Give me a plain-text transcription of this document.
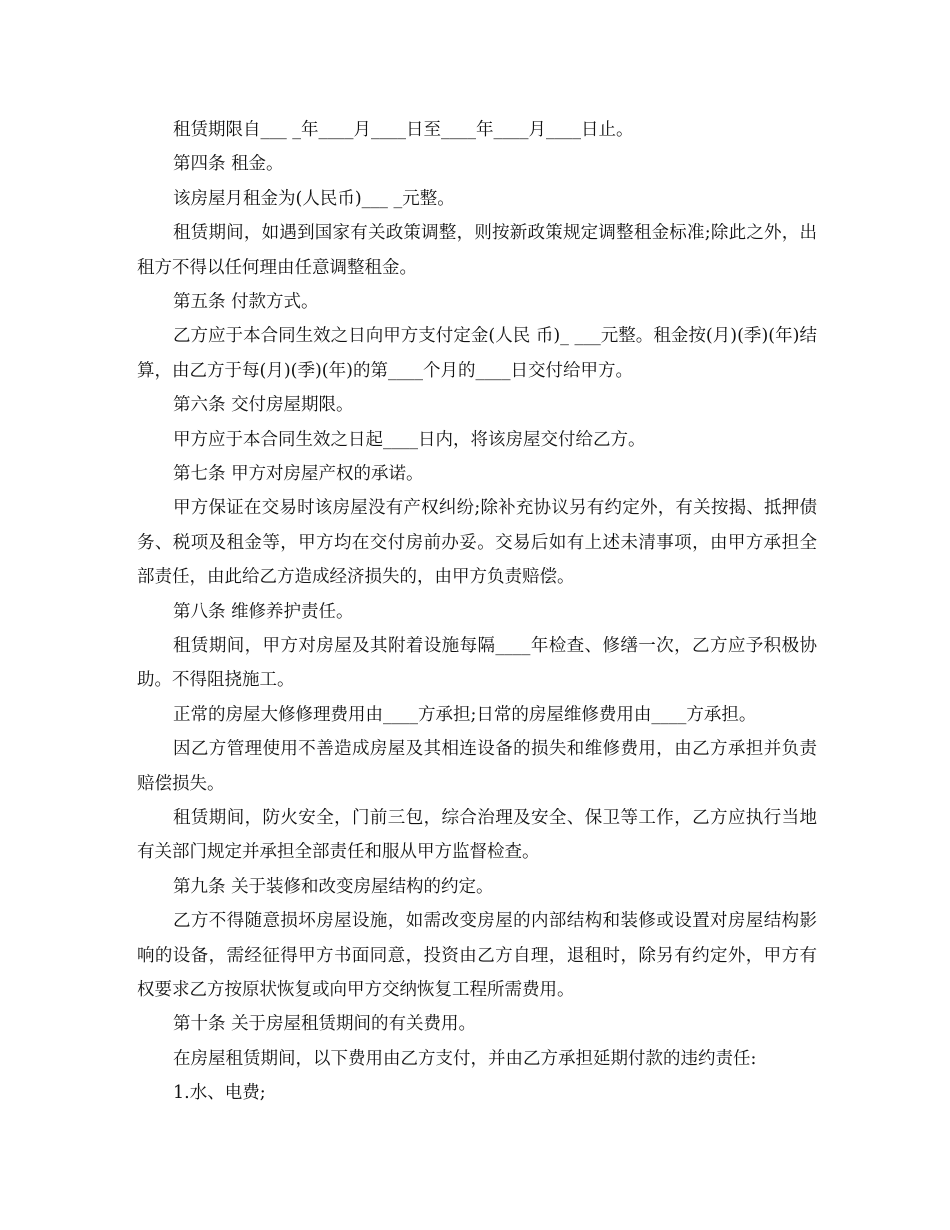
租赁期限自___ _年____月____日至____年____月____日止。
第四条 租金。
该房屋月租金为(人民币)___ _元整。
租赁期间，如遇到国家有关政策调整，则按新政策规定调整租金标准;除此之外，出租方不得以任何理由任意调整租金。
第五条 付款方式。
乙方应于本合同生效之日向甲方支付定金(人民 币)_ ___元整。租金按(月)(季)(年)结算，由乙方于每(月)(季)(年)的第____个月的____日交付给甲方。
第六条 交付房屋期限。
甲方应于本合同生效之日起____日内，将该房屋交付给乙方。
第七条 甲方对房屋产权的承诺。
甲方保证在交易时该房屋没有产权纠纷;除补充协议另有约定外，有关按揭、抵押债务、税项及租金等，甲方均在交付房前办妥。交易后如有上述未清事项，由甲方承担全部责任，由此给乙方造成经济损失的，由甲方负责赔偿。
第八条 维修养护责任。
租赁期间，甲方对房屋及其附着设施每隔____年检查、修缮一次，乙方应予积极协助。不得阻挠施工。
正常的房屋大修修理费用由____方承担;日常的房屋维修费用由____方承担。
因乙方管理使用不善造成房屋及其相连设备的损失和维修费用，由乙方承担并负责赔偿损失。
租赁期间，防火安全，门前三包，综合治理及安全、保卫等工作，乙方应执行当地有关部门规定并承担全部责任和服从甲方监督检查。
第九条 关于装修和改变房屋结构的约定。
乙方不得随意损坏房屋设施，如需改变房屋的内部结构和装修或设置对房屋结构影响的设备，需经征得甲方书面同意，投资由乙方自理，退租时，除另有约定外，甲方有权要求乙方按原状恢复或向甲方交纳恢复工程所需费用。
第十条 关于房屋租赁期间的有关费用。
在房屋租赁期间，以下费用由乙方支付，并由乙方承担延期付款的违约责任:
1.水、电费;
